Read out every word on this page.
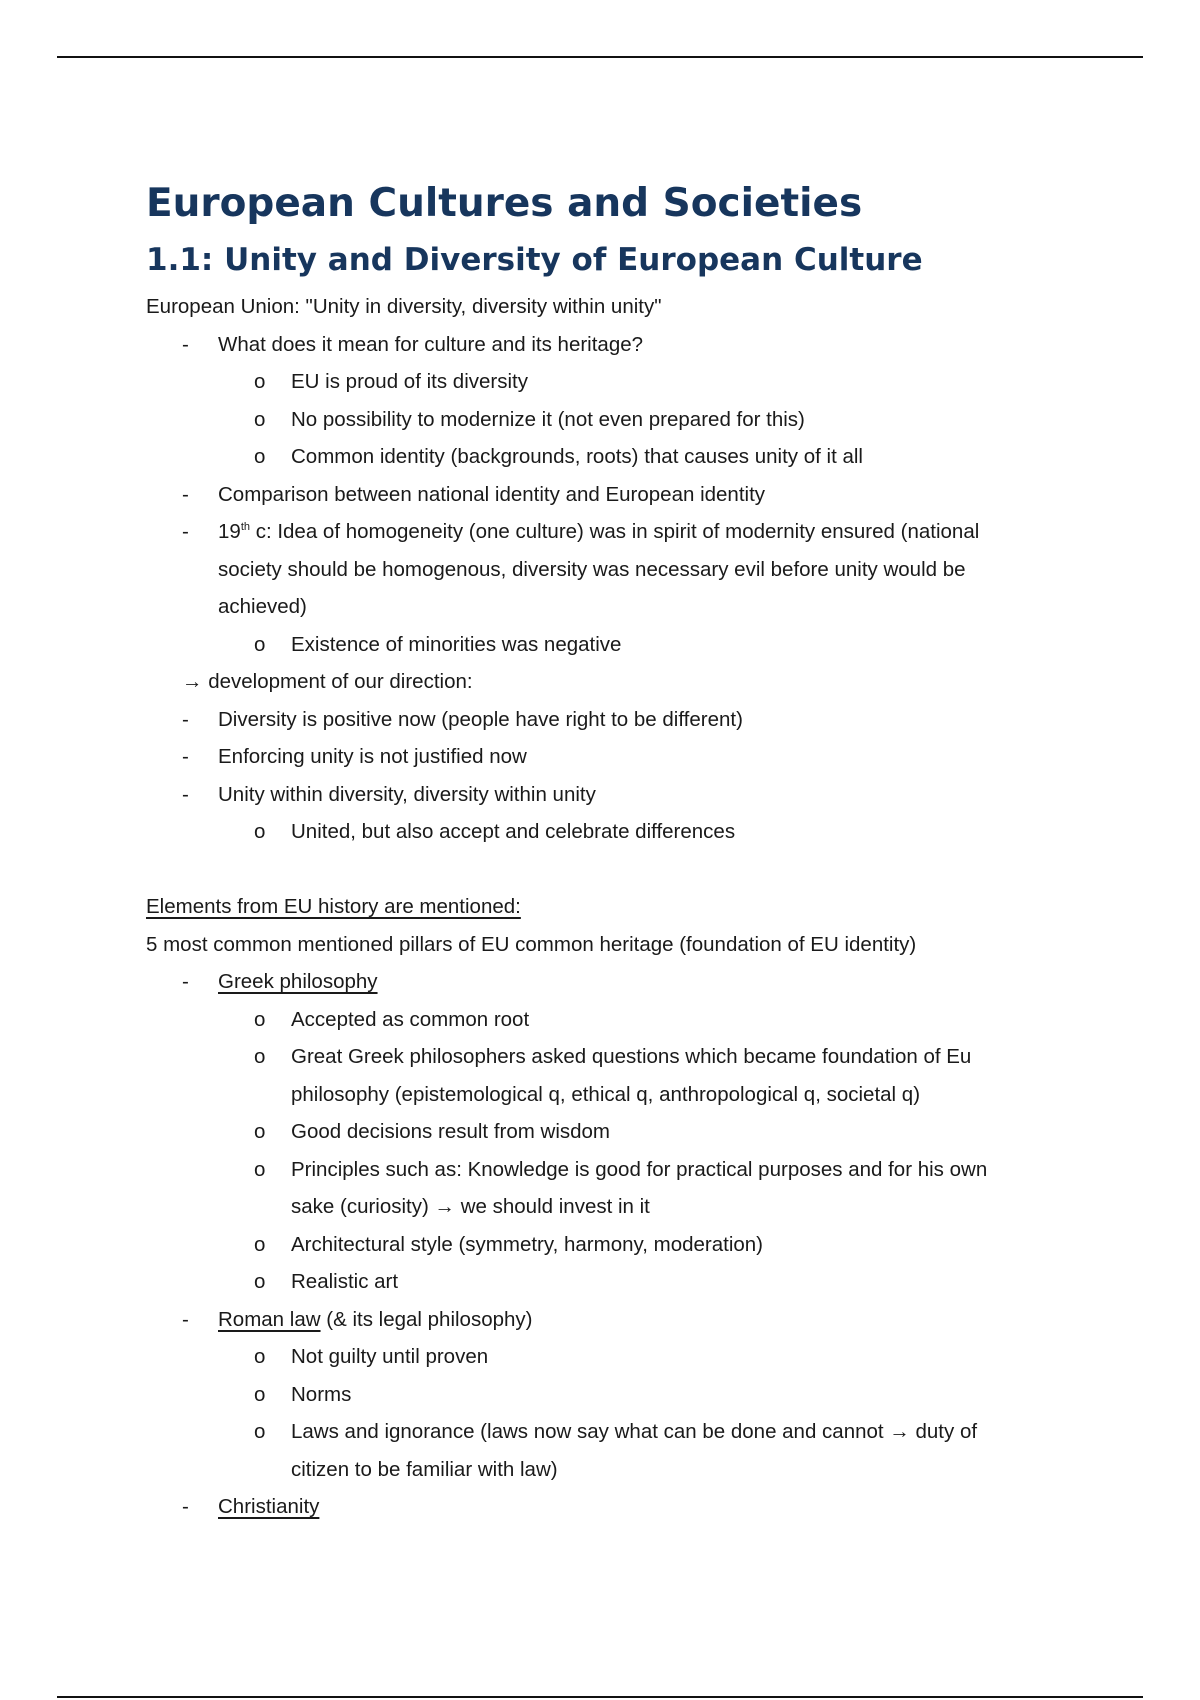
European Cultures and Societies
1.1: Unity and Diversity of European Culture
European Union: "Unity in diversity, diversity within unity"
- What does it mean for culture and its heritage?
o EU is proud of its diversity
o No possibility to modernize it (not even prepared for this)
o Common identity (backgrounds, roots) that causes unity of it all
- Comparison between national identity and European identity
- 19th c: Idea of homogeneity (one culture) was in spirit of modernity ensured (national
society should be homogenous, diversity was necessary evil before unity would be
achieved)
o Existence of minorities was negative
→ development of our direction:
- Diversity is positive now (people have right to be different)
- Enforcing unity is not justified now
- Unity within diversity, diversity within unity
o United, but also accept and celebrate differences
Elements from EU history are mentioned:
5 most common mentioned pillars of EU common heritage (foundation of EU identity)
- Greek philosophy
o Accepted as common root
o Great Greek philosophers asked questions which became foundation of Eu
philosophy (epistemological q, ethical q, anthropological q, societal q)
o Good decisions result from wisdom
o Principles such as: Knowledge is good for practical purposes and for his own
sake (curiosity) → we should invest in it
o Architectural style (symmetry, harmony, moderation)
o Realistic art
- Roman law (& its legal philosophy)
o Not guilty until proven
o Norms
o Laws and ignorance (laws now say what can be done and cannot → duty of
citizen to be familiar with law)
- Christianity
